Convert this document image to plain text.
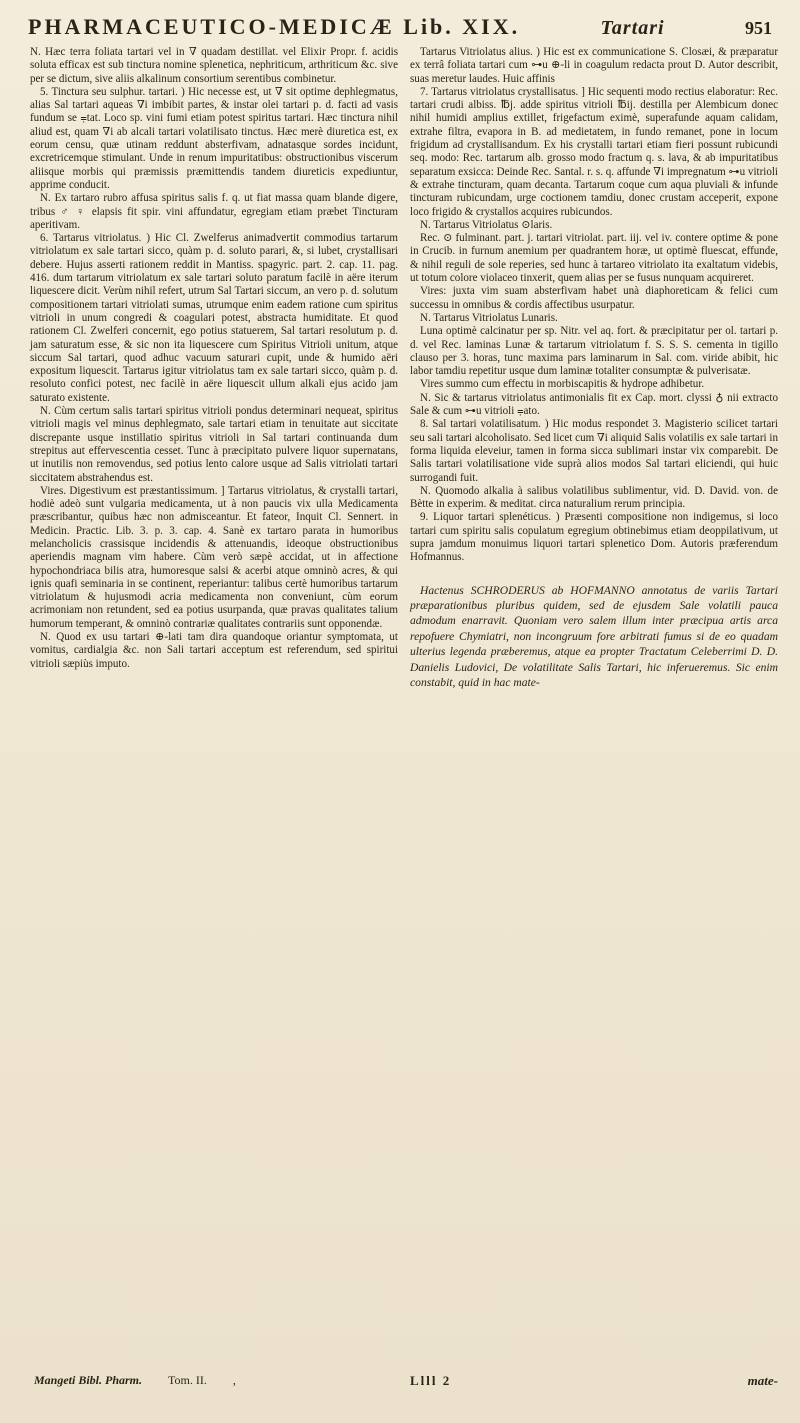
PHARMACEUTICO-MEDICÆ Lib. XIX.	Tartari	951

N. Hæc terra foliata tartari vel in ∇ quadam destillat. vel Elixir Propr. f. acidis soluta efficax est sub tinctura nomine splenetica, nephriticum, arthriticum &c. sive per se dictum, sive aliis alkalinum consortium serentibus combinetur.

5. Tinctura seu sulphur. tartari. ) Hic necesse est, ut ∇ sit optime dephlegmatus, alias Sal tartari aqueas ∇i imbibit partes, & instar olei tartari p. d. facti ad vasis fundum se ⩦tat. Loco sp. vini fumi etiam potest spiritus tartari. Hæc tinctura nihil aliud est, quam ∇i ab alcali tartari volatilisato tinctus. Hæc merè diuretica est, ex eorum censu, quæ utinam reddunt absterfivam, adnatasque sordes incidunt, excretricemque stimulant. Unde in renum impuritatibus: obstructionibus viscerum aliisque morbis qui præmissis præmittendis tandem diureticis expediuntur, apprime conducit.

N. Ex tartaro rubro affusa spiritus salis f. q. ut fiat massa quam blande digere, tribus ♂ ♀ elapsis fit spir. vini affundatur, egregiam etiam præbet Tincturam aperitivam.

6. Tartarus vitriolatus. ) Hic Cl. Zwelferus animadvertit commodius tartarum vitriolatum ex sale tartari sicco, quàm p. d. soluto parari, &, si lubet, crystallisari debere. Hujus asserti rationem reddit in Mantiss. spagyric. part. 2. cap. 11. pag. 416. dum tartarum vitriolatum ex sale tartari soluto paratum facilè in aëre iterum liquescere dicit. Verùm nihil refert, utrum Sal Tartari siccum, an vero p. d. solutum compositionem tartari vitriolati sumas, utrumque enim eadem ratione cum spiritus vitrioli in unum congredi & coagulari potest, abstracta humiditate. Et quod rationem Cl. Zwelferi concernit, ego potius statuerem, Sal tartari resolutum p. d. jam saturatum esse, & sic non ita liquescere cum Spiritus Vitrioli unitum, atque siccum Sal tartari, quod adhuc vacuum saturari cupit, unde & humido aëri expositum liquescit. Tartarus igitur vitriolatus tam ex sale tartari sicco, quàm p. d. resoluto confici potest, nec facilè in aëre liquescit ullum alkali ejus acido jam saturato existente.

N. Cùm certum salis tartari spiritus vitrioli pondus determinari nequeat, spiritus vitrioli magis vel minus dephlegmato, sale tartari etiam in tenuitate aut siccitate discrepante usque instillatio spiritus vitrioli in Sal tartari continuanda dum strepitus aut effervescentia cesset. Tunc à præcipitato pulvere liquor supernatans, ut inutilis non removendus, sed potius lento calore usque ad Salis vitriolati tartari siccitatem abstrahendus est.

Vires. Digestivum est præstantissimum. ] Tartarus vitriolatus, & crystalli tartari, hodiè adeò sunt vulgaria medicamenta, ut à non paucis vix ulla Medicamenta præscribantur, quibus hæc non admisceantur. Et fateor, Inquit Cl. Sennert. in Medicin. Practic. Lib. 3. p. 3. cap. 4. Sanè ex tartaro parata in humoribus melancholicis crassisque incidendis & attenuandis, ideoque obstructionibus aperiendis magnam vim habere. Cùm verò sæpè accidat, ut in affectione hypochondriaca bilis atra, humoresque salsi & acerbi atque omninò acres, & qui ignis quafi seminaria in se continent, reperiantur: talibus certè humoribus tartarum vitriolatum & hujusmodi acria medicamenta non conveniunt, cùm eorum acrimoniam non retundent, sed ea potius usurpanda, quæ pravas qualitates talium humorum temperant, & omninò contrariæ qualitates contrariis sunt opponendæ.

N. Quod ex usu tartari ⊕-lati tam dira quandoque oriantur symptomata, ut vomitus, cardialgia &c. non Sali tartari acceptum est referendum, sed spiritui vitrioli sæpiùs imputo.

Tartarus Vitriolatus alius. ) Hic est ex communicatione S. Closæi, & præparatur ex terrâ foliata tartari cum ⊶u ⊕-li in coagulum redacta prout D. Autor describit, suas meretur laudes. Huic affinis

7. Tartarus vitriolatus crystallisatus. ] Hic sequenti modo rectius elaboratur: Rec. tartari crudi albiss. ℔j. adde spiritus vitrioli ℔ij. destilla per Alembicum donec nihil humidi amplius extillet, frigefactum eximè, superafunde aquam calidam, extrahe filtra, evapora in B. ad medietatem, in fundo remanet, pone in locum frigidum ad crystallisandum. Ex his crystalli tartari etiam fieri possunt rubicundi seq. modo: Rec. tartarum alb. grosso modo fractum q. s. lava, & ab impuritatibus separatum exsicca: Deinde Rec. Santal. r. s. q. affunde ∇i impregnatum ⊶u vitrioli & extrahe tincturam, quam decanta. Tartarum coque cum aqua pluviali & infunde tincturam rubicundam, urge coctionem tamdiu, donec crustam acceperit, expone loco frigido & crystallos acquires rubicundos.

N. Tartarus Vitriolatus ⊙laris.

Rec. ⊙ fulminant. part. j. tartari vitriolat. part. iij. vel iv. contere optime & pone in Crucib. in furnum anemium per quadrantem horæ, ut optimè fluescat, effunde, & nihil reguli de sole reperies, sed hunc à tartareo vitriolato ita exaltatum videbis, ut totum colore violaceo tinxerit, quem alias per se fusus nunquam acquireret.

Vires: juxta vim suam absterfivam habet unà diaphoreticam & felici cum successu in omnibus & cordis affectibus usurpatur.

N. Tartarus Vitriolatus Lunaris.

Luna optimè calcinatur per sp. Nitr. vel aq. fort. & præcipitatur per ol. tartari p. d. vel Rec. laminas Lunæ & tartarum vitriolatum f. S. S. S. cementa in tigillo clauso per 3. horas, tunc maxima pars laminarum in Sal. com. viride abibit, hic labor tamdiu repetitur usque dum laminæ totaliter consumptæ & pulverisatæ.

Vires summo cum effectu in morbiscapitis & hydrope adhibetur.

N. Sic & tartarus vitriolatus antimonialis fit ex Cap. mort. clyssi ♁ nii extracto Sale & cum ⊶u vitrioli ⩦ato.

8. Sal tartari volatilisatum. ) Hic modus respondet 3. Magisterio scilicet tartari seu sali tartari alcoholisato. Sed licet cum ∇i aliquid Salis volatilis ex sale tartari in forma liquida eleveiur, tamen in forma sicca sublimari instar vix comparebit. De Salis tartari volatilisatione vide suprà alios modos Sal tartari eliciendi, qui huic surrogandi fuit.

N. Quomodo alkalia à salibus volatilibus sublimentur, vid. D. David. von. de Bètte in experim. & meditat. circa naturalium rerum principia.

9. Liquor tartari splenéticus. ) Præsenti compositione non indigemus, si loco tartari cum spiritu salis copulatum egregium obtinebimus etiam deoppilativum, ut supra jamdum monuimus liquori tartari splenetico Dom. Autoris præferendum Hofmannus.

Hactenus SCHRODERUS ab HOFMANNO annotatus de variis Tartari præparationibus pluribus quidem, sed de ejusdem Sale volatili pauca admodum enarravit. Quoniam vero salem illum inter præcipua artis arca repofuere Chymiatri, non incongruum fore arbitrati fumus si de eo quadam ulterius legenda præberemus, atque ea propter Tractatum Celeberrimi D. D. Danielis Ludovici, De volatilitate Salis Tartari, hic inferueremus. Sic enim constabit, quid in hac mate-

Mangeti Bibl. Pharm. Tom. II. ,	Llll 2	mate-
